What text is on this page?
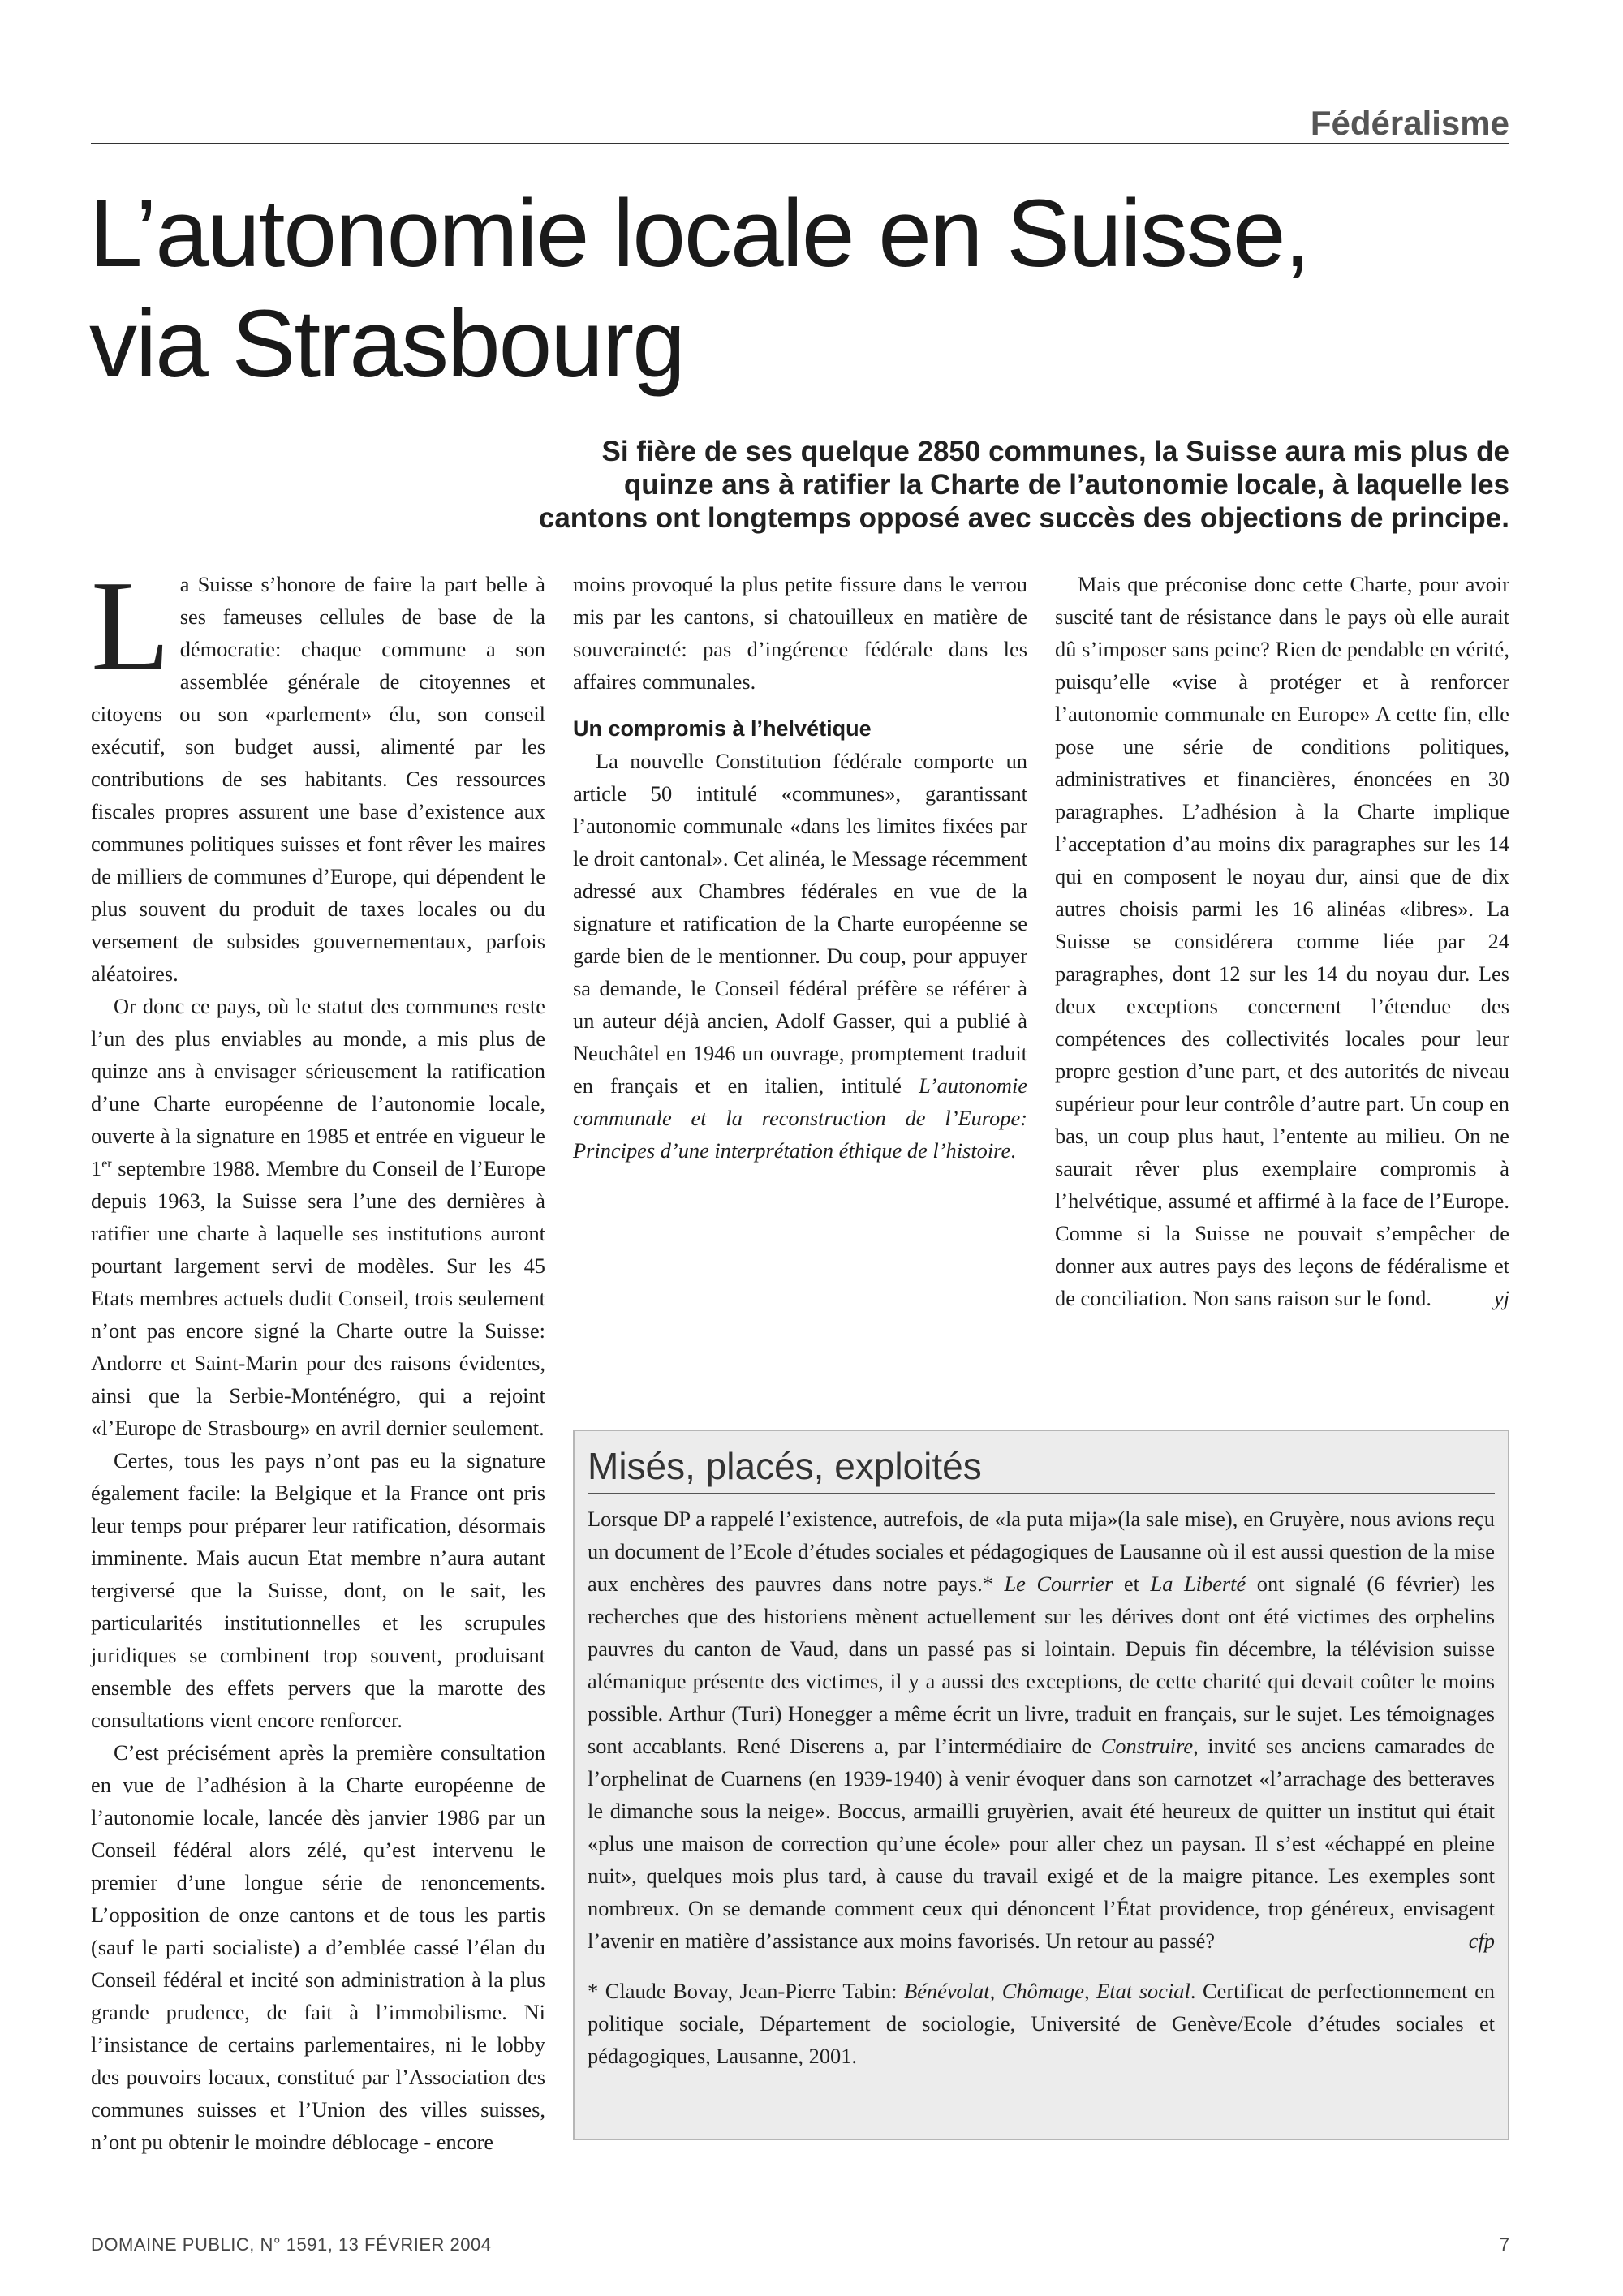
Fédéralisme
L’autonomie locale en Suisse,
via Strasbourg
Si fière de ses quelque 2850 communes, la Suisse aura mis plus de
quinze ans à ratifier la Charte de l’autonomie locale, à laquelle les
cantons ont longtemps opposé avec succès des objections de principe.

La Suisse s’honore de faire la part belle à ses fameuses cellules de base de la démocratie: chaque commune a son assemblée générale de citoyennes et citoyens ou son «parlement» élu, son conseil exécutif, son budget aussi, alimenté par les contributions de ses habitants. Ces ressources fiscales propres assurent une base d’existence aux communes politiques suisses et font rêver les maires de milliers de communes d’Europe, qui dépendent le plus souvent du produit de taxes locales ou du versement de subsides gouvernementaux, parfois aléatoires.

Or donc ce pays, où le statut des communes reste l’un des plus enviables au monde, a mis plus de quinze ans à envisager sérieusement la ratification d’une Charte européenne de l’autonomie locale, ouverte à la signature en 1985 et entrée en vigueur le 1er septembre 1988. Membre du Conseil de l’Europe depuis 1963, la Suisse sera l’une des dernières à ratifier une charte à laquelle ses institutions auront pourtant largement servi de modèles. Sur les 45 Etats membres actuels dudit Conseil, trois seulement n’ont pas encore signé la Charte outre la Suisse: Andorre et Saint-Marin pour des raisons évidentes, ainsi que la Serbie-Monténégro, qui a rejoint «l’Europe de Strasbourg» en avril dernier seulement.

Certes, tous les pays n’ont pas eu la signature également facile: la Belgique et la France ont pris leur temps pour préparer leur ratification, désormais imminente. Mais aucun Etat membre n’aura autant tergiversé que la Suisse, dont, on le sait, les particularités institutionnelles et les scrupules juridiques se combinent trop souvent, produisant ensemble des effets pervers que la marotte des consultations vient encore renforcer.

C’est précisément après la première consultation en vue de l’adhésion à la Charte européenne de l’autonomie locale, lancée dès janvier 1986 par un Conseil fédéral alors zélé, qu’est intervenu le premier d’une longue série de renoncements. L’opposition de onze cantons et de tous les partis (sauf le parti socialiste) a d’emblée cassé l’élan du Conseil fédéral et incité son administration à la plus grande prudence, de fait à l’immobilisme. Ni l’insistance de certains parlementaires, ni le lobby des pouvoirs locaux, constitué par l’Association des communes suisses et l’Union des villes suisses, n’ont pu obtenir le moindre déblocage - encore

moins provoqué la plus petite fissure dans le verrou mis par les cantons, si chatouilleux en matière de souveraineté: pas d’ingérence fédérale dans les affaires communales.

Un compromis à l’helvétique

La nouvelle Constitution fédérale comporte un article 50 intitulé «communes», garantissant l’autonomie communale «dans les limites fixées par le droit cantonal». Cet alinéa, le Message récemment adressé aux Chambres fédérales en vue de la signature et ratification de la Charte européenne se garde bien de le mentionner. Du coup, pour appuyer sa demande, le Conseil fédéral préfère se référer à un auteur déjà ancien, Adolf Gasser, qui a publié à Neuchâtel en 1946 un ouvrage, promptement traduit en français et en italien, intitulé L’autonomie communale et la reconstruction de l’Europe: Principes d’une interprétation éthique de l’histoire.

Mais que préconise donc cette Charte, pour avoir suscité tant de résistance dans le pays où elle aurait dû s’imposer sans peine? Rien de pendable en vérité, puisqu’elle «vise à protéger et à renforcer l’autonomie communale en Europe» A cette fin, elle pose une série de conditions politiques, administratives et financières, énoncées en 30 paragraphes. L’adhésion à la Charte implique l’acceptation d’au moins dix paragraphes sur les 14 qui en composent le noyau dur, ainsi que de dix autres choisis parmi les 16 alinéas «libres». La Suisse se considérera comme liée par 24 paragraphes, dont 12 sur les 14 du noyau dur. Les deux exceptions concernent l’étendue des compétences des collectivités locales pour leur propre gestion d’une part, et des autorités de niveau supérieur pour leur contrôle d’autre part. Un coup en bas, un coup plus haut, l’entente au milieu. On ne saurait rêver plus exemplaire compromis à l’helvétique, assumé et affirmé à la face de l’Europe. Comme si la Suisse ne pouvait s’empêcher de donner aux autres pays des leçons de fédéralisme et de conciliation. Non sans raison sur le fond.	yj

Misés, placés, exploités

Lorsque DP a rappelé l’existence, autrefois, de «la puta mija»(la sale mise), en Gruyère, nous avions reçu un document de l’Ecole d’études sociales et pédagogiques de Lausanne où il est aussi question de la mise aux enchères des pauvres dans notre pays.* Le Courrier et La Liberté ont signalé (6 février) les recherches que des historiens mènent actuellement sur les dérives dont ont été victimes des orphelins pauvres du canton de Vaud, dans un passé pas si lointain. Depuis fin décembre, la télévision suisse alémanique présente des victimes, il y a aussi des exceptions, de cette charité qui devait coûter le moins possible. Arthur (Turi) Honegger a même écrit un livre, traduit en français, sur le sujet. Les témoignages sont accablants. René Diserens a, par l’intermédiaire de Construire, invité ses anciens camarades de l’orphelinat de Cuarnens (en 1939-1940) à venir évoquer dans son carnotzet «l’arrachage des betteraves le dimanche sous la neige». Boccus, armailli gruyèrien, avait été heureux de quitter un institut qui était «plus une maison de correction qu’une école» pour aller chez un paysan. Il s’est «échappé en pleine nuit», quelques mois plus tard, à cause du travail exigé et de la maigre pitance. Les exemples sont nombreux. On se demande comment ceux qui dénoncent l’État providence, trop généreux, envisagent l’avenir en matière d’assistance aux moins favorisés. Un retour au passé?	cfp

* Claude Bovay, Jean-Pierre Tabin: Bénévolat, Chômage, Etat social. Certificat de perfectionnement en politique sociale, Département de sociologie, Université de Genève/Ecole d’études sociales et pédagogiques, Lausanne, 2001.

DOMAINE PUBLIC, N° 1591, 13 FÉVRIER 2004	7
